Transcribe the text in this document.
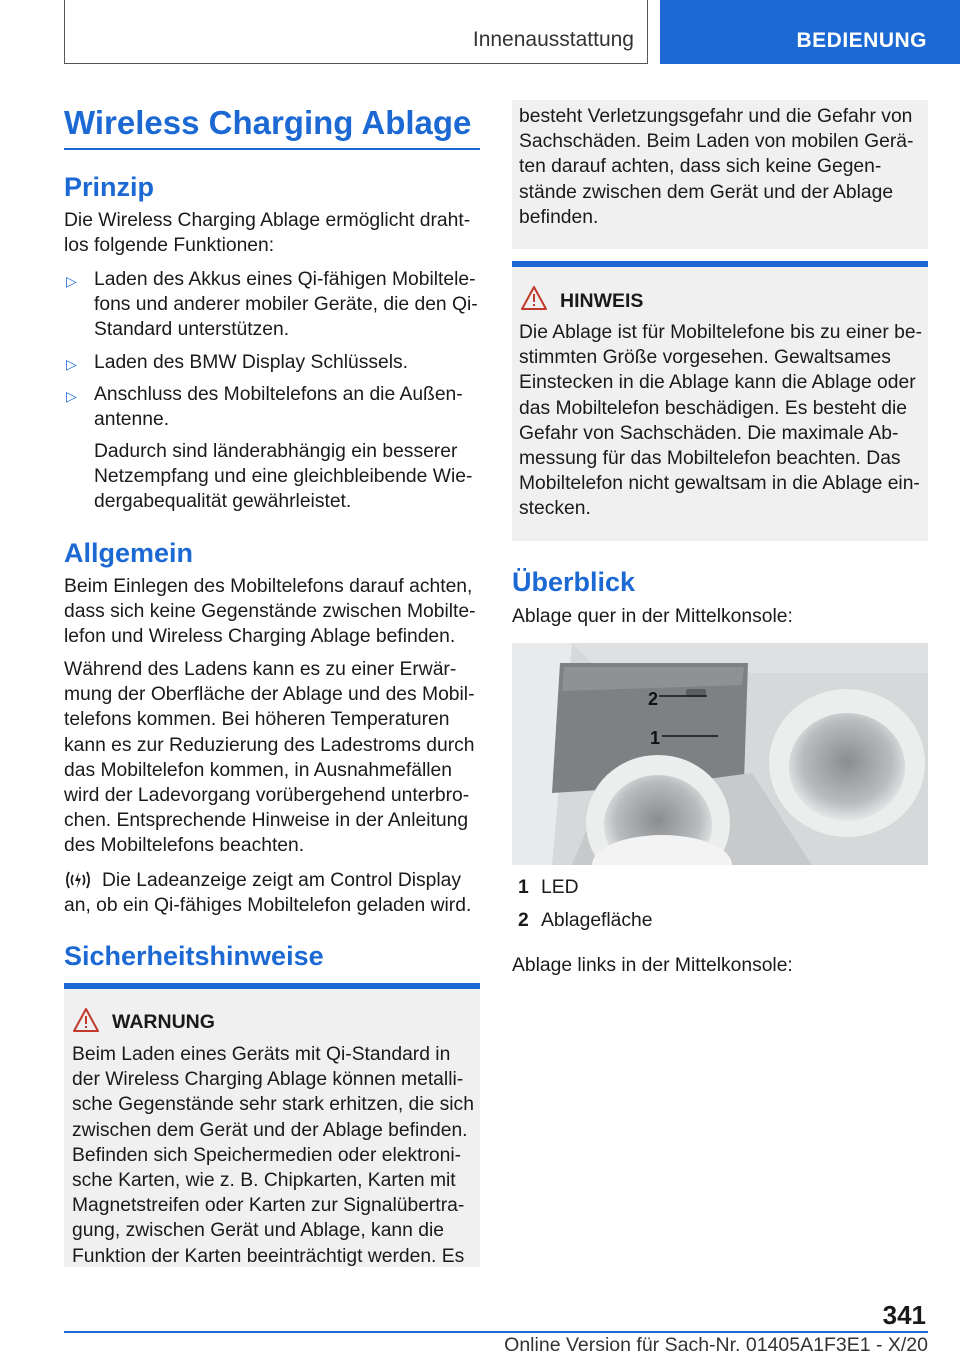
Innenausstattung	BEDIENUNG
Wireless Charging Ablage
Prinzip
Die Wireless Charging Ablage ermöglicht draht-
los folgende Funktionen:
▷ Laden des Akkus eines Qi-fähigen Mobiltele-
fons und anderer mobiler Geräte, die den Qi-
Standard unterstützen.
▷ Laden des BMW Display Schlüssels.
▷ Anschluss des Mobiltelefons an die Außen-
antenne.
Dadurch sind länderabhängig ein besserer
Netzempfang und eine gleichbleibende Wie-
dergabequalität gewährleistet.
Allgemein
Beim Einlegen des Mobiltelefons darauf achten,
dass sich keine Gegenstände zwischen Mobilte-
lefon und Wireless Charging Ablage befinden.
Während des Ladens kann es zu einer Erwär-
mung der Oberfläche der Ablage und des Mobil-
telefons kommen. Bei höheren Temperaturen
kann es zur Reduzierung des Ladestroms durch
das Mobiltelefon kommen, in Ausnahmefällen
wird der Ladevorgang vorübergehend unterbro-
chen. Entsprechende Hinweise in der Anleitung
des Mobiltelefons beachten.
Die Ladeanzeige zeigt am Control Display
an, ob ein Qi-fähiges Mobiltelefon geladen wird.
Sicherheitshinweise
WARNUNG
Beim Laden eines Geräts mit Qi-Standard in
der Wireless Charging Ablage können metalli-
sche Gegenstände sehr stark erhitzen, die sich
zwischen dem Gerät und der Ablage befinden.
Befinden sich Speichermedien oder elektroni-
sche Karten, wie z. B. Chipkarten, Karten mit
Magnetstreifen oder Karten zur Signalübertra-
gung, zwischen Gerät und Ablage, kann die
Funktion der Karten beeinträchtigt werden. Es
besteht Verletzungsgefahr und die Gefahr von
Sachschäden. Beim Laden von mobilen Gerä-
ten darauf achten, dass sich keine Gegen-
stände zwischen dem Gerät und der Ablage
befinden.
HINWEIS
Die Ablage ist für Mobiltelefone bis zu einer be-
stimmten Größe vorgesehen. Gewaltsames
Einstecken in die Ablage kann die Ablage oder
das Mobiltelefon beschädigen. Es besteht die
Gefahr von Sachschäden. Die maximale Ab-
messung für das Mobiltelefon beachten. Das
Mobiltelefon nicht gewaltsam in die Ablage ein-
stecken.
Überblick
Ablage quer in der Mittelkonsole:
2
1
1 LED
2 Ablagefläche
Ablage links in der Mittelkonsole:
341
Online Version für Sach-Nr. 01405A1F3E1 - X/20
